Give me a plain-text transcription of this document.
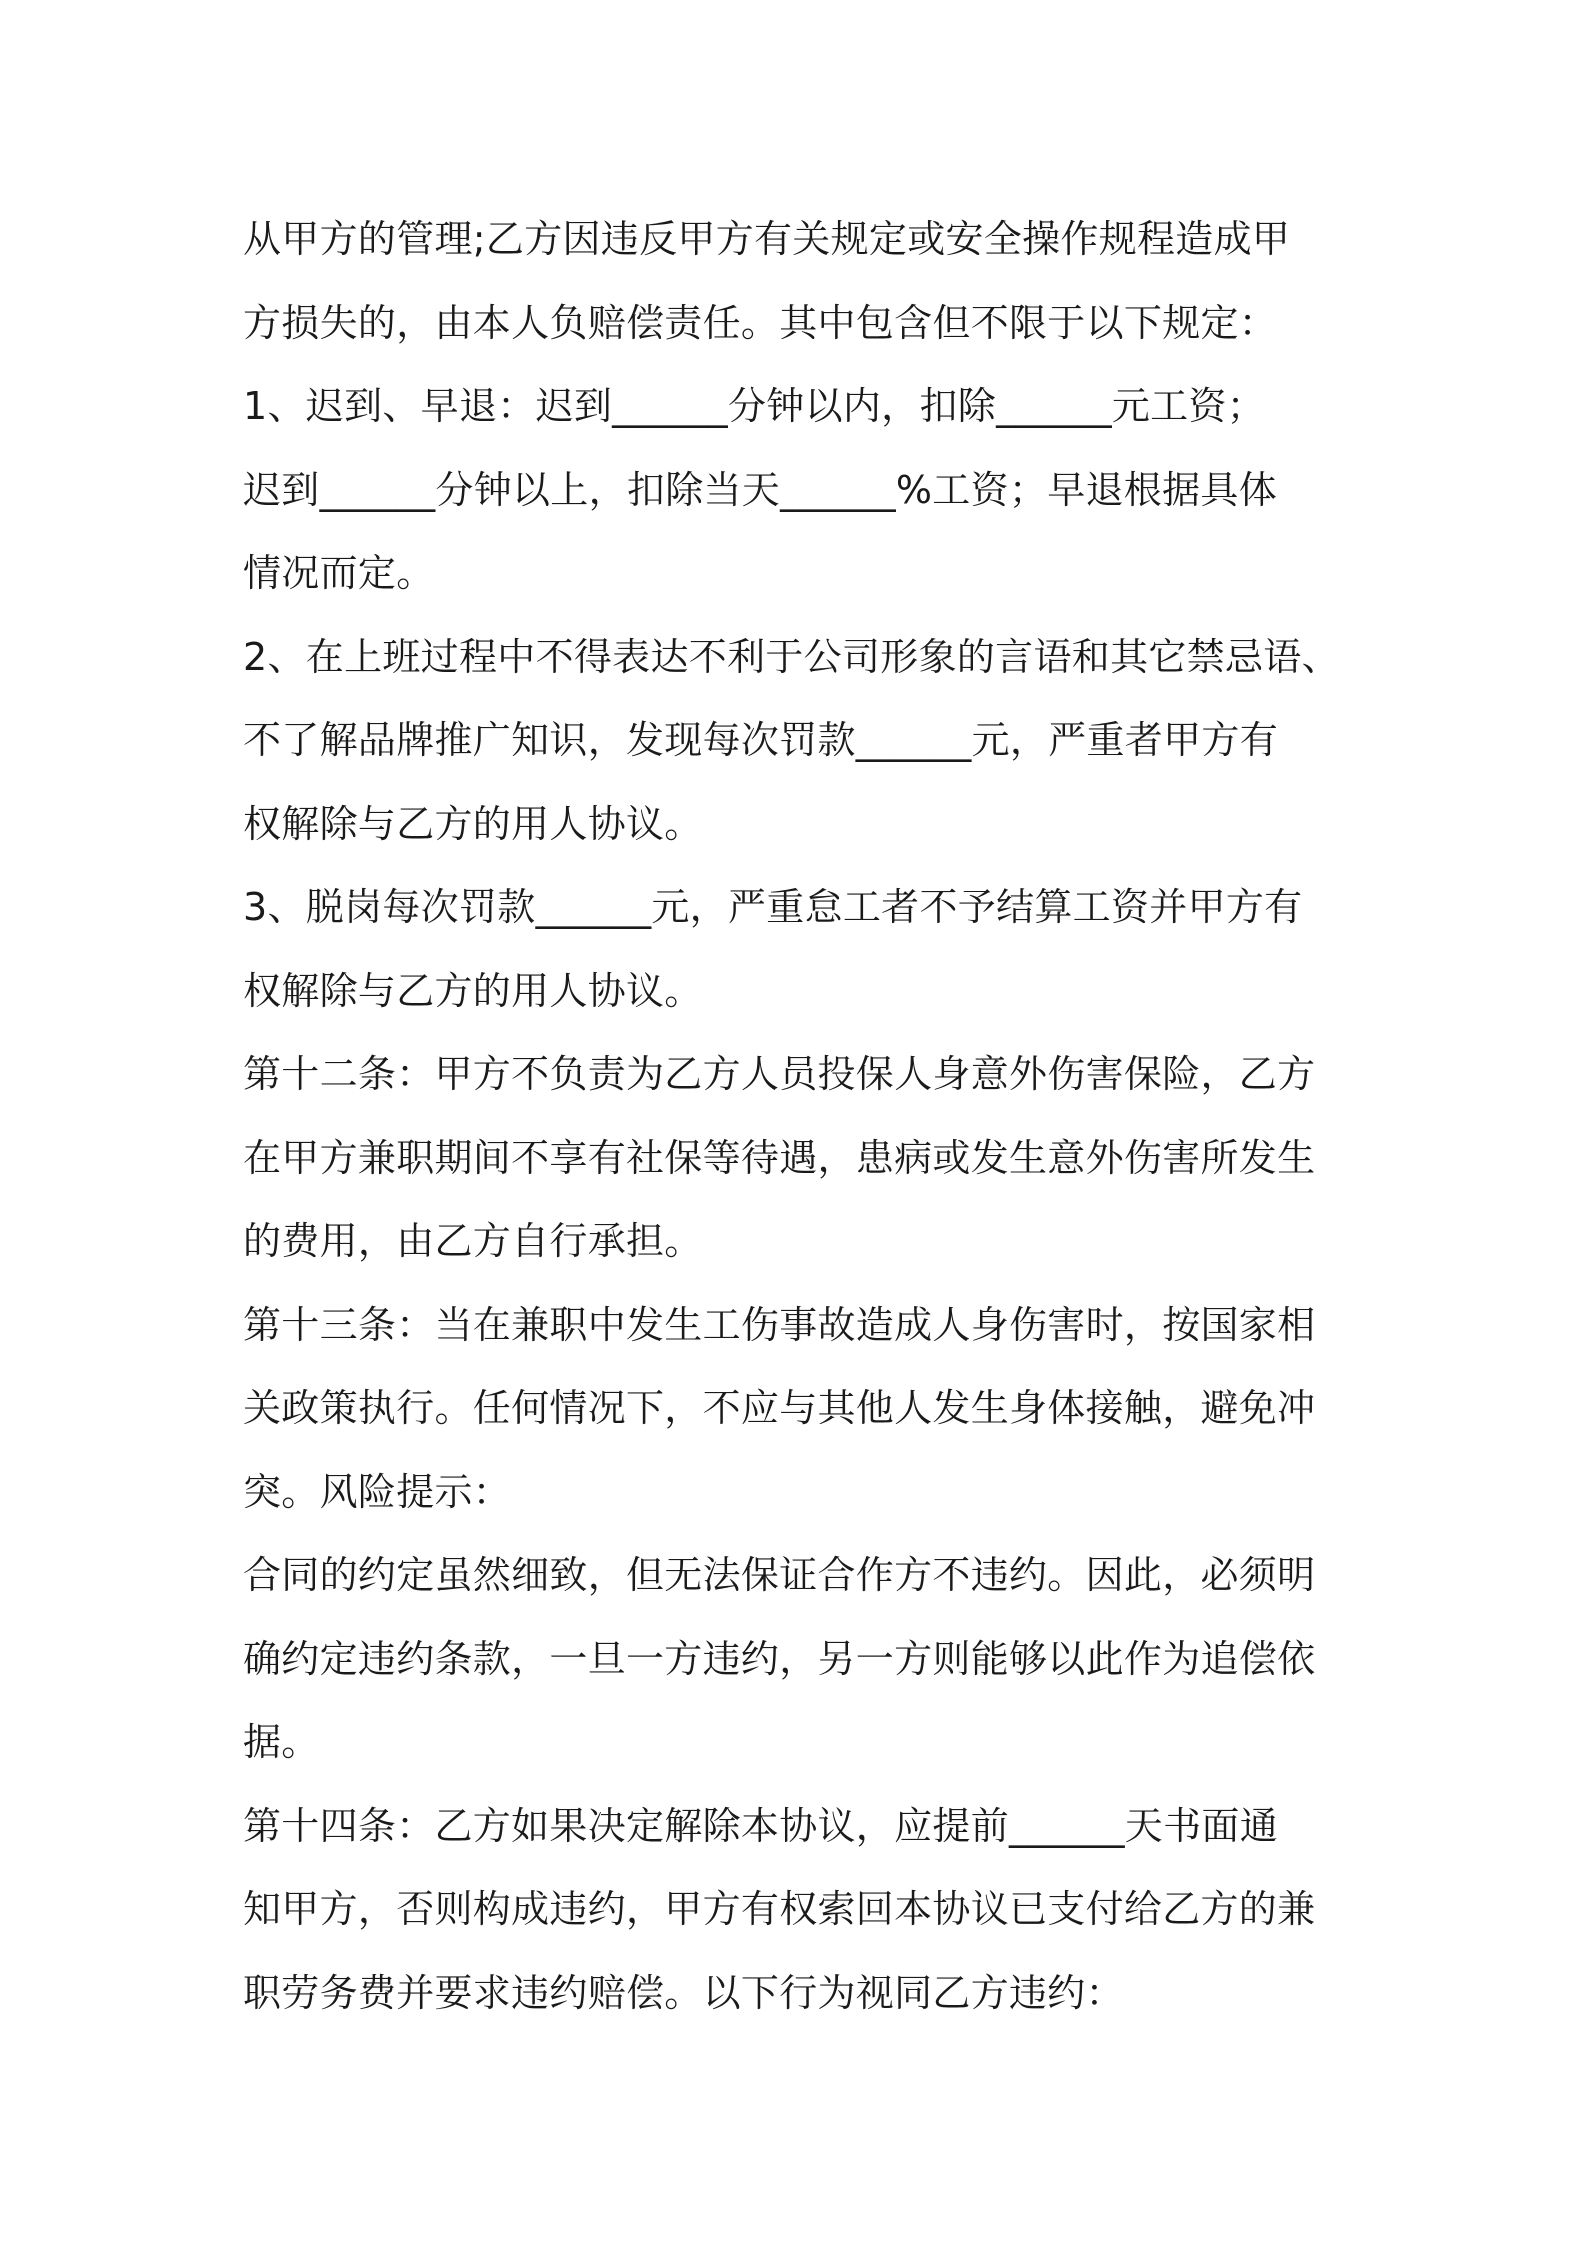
从甲方的管理;乙方因违反甲方有关规定或安全操作规程造成甲
方损失的，由本人负赔偿责任。其中包含但不限于以下规定：
1、迟到、早退：迟到______分钟以内，扣除______元工资；
迟到______分钟以上，扣除当天______%工资；早退根据具体
情况而定。
2、在上班过程中不得表达不利于公司形象的言语和其它禁忌语、
不了解品牌推广知识，发现每次罚款______元，严重者甲方有
权解除与乙方的用人协议。
3、脱岗每次罚款______元，严重怠工者不予结算工资并甲方有
权解除与乙方的用人协议。
第十二条：甲方不负责为乙方人员投保人身意外伤害保险，乙方
在甲方兼职期间不享有社保等待遇，患病或发生意外伤害所发生
的费用，由乙方自行承担。
第十三条：当在兼职中发生工伤事故造成人身伤害时，按国家相
关政策执行。任何情况下，不应与其他人发生身体接触，避免冲
突。风险提示：
合同的约定虽然细致，但无法保证合作方不违约。因此，必须明
确约定违约条款，一旦一方违约，另一方则能够以此作为追偿依
据。
第十四条：乙方如果决定解除本协议，应提前______天书面通
知甲方，否则构成违约，甲方有权索回本协议已支付给乙方的兼
职劳务费并要求违约赔偿。以下行为视同乙方违约：
